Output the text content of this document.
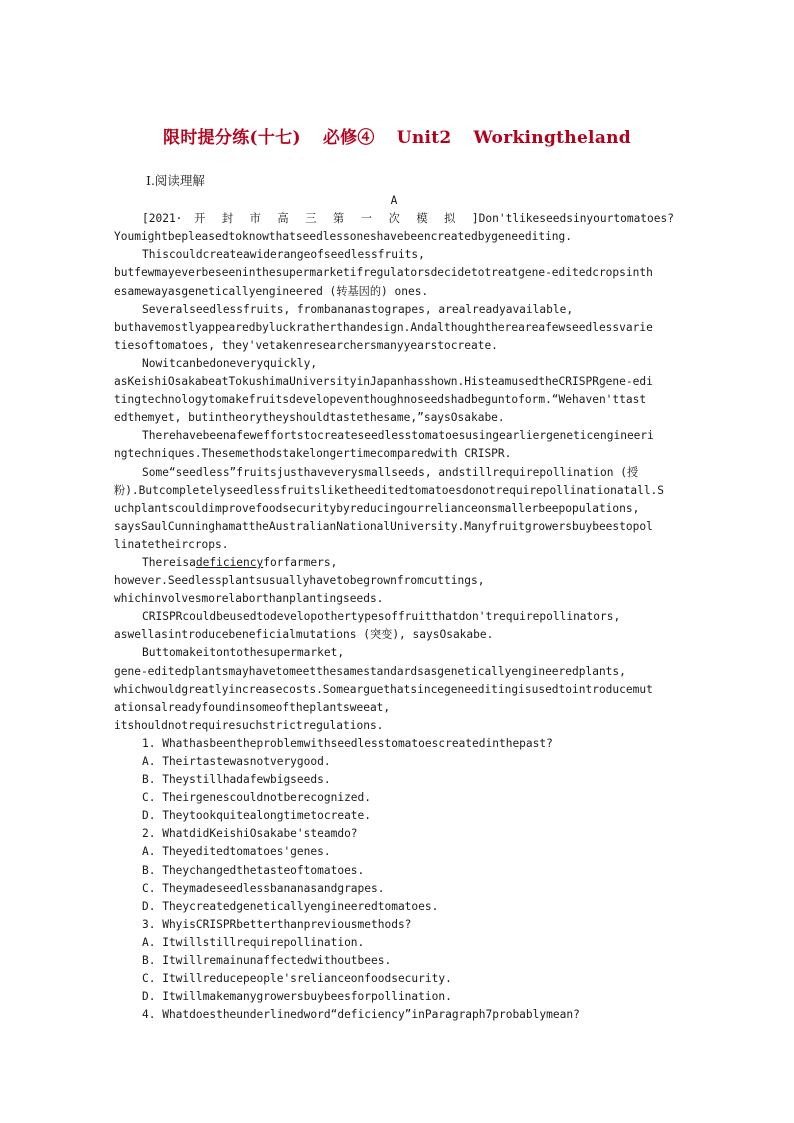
限时提分练(十七) 必修④ Unit2 Workingtheland
Ⅰ.阅读理解
A
[2021· 开 封 市 高 三 第 一 次 模 拟 ]Don'tlikeseedsinyourtomatoes?
Youmightbepleasedtoknowthatseedlessoneshavebeencreatedbygeneediting.
Thiscouldcreateawiderangeofseedlessfruits,
butfewmayeverbeseeninthesupermarketifregulatorsdecidetotreatgene-editedcropsinth
esamewayasgeneticallyengineered (转基因的) ones.
Severalseedlessfruits, frombananastograpes, arealreadyavailable,
buthavemostlyappearedbyluckratherthandesign.Andalthoughthereareafewseedlessvarie
tiesoftomatoes, they'vetakenresearchersmanyyearstocreate.
Nowitcanbedoneveryquickly,
asKeishiOsakabeatTokushimaUniversityinJapanhasshown.HisteamusedtheCRISPRgene-edi
tingtechnologytomakefruitsdevelopeventhoughnoseedshadbeguntoform.“Wehaven'ttast
edthemyet, butintheorytheyshouldtastethesame,”saysOsakabe.
Therehavebeenafeweffortstocreateseedlesstomatoesusingearliergeneticengineeri
ngtechniques.Thesemethodstakelongertimecomparedwith CRISPR.
Some“seedless”fruitsjusthaveverysmallseeds, andstillrequirepollination (授
粉).Butcompletelyseedlessfruitsliketheeditedtomatoesdonotrequirepollinationatall.S
uchplantscouldimprovefoodsecuritybyreducingourrelianceonsmallerbeepopulations,
saysSaulCunninghamattheAustralianNationalUniversity.Manyfruitgrowersbuybeestopol
linatetheircrops.
Thereisadeficiencyforfarmers,
however.Seedlessplantsusuallyhavetobegrownfromcuttings,
whichinvolvesmorelaborthanplantingseeds.
CRISPRcouldbeusedtodevelopothertypesoffruitthatdon'trequirepollinators,
aswellasintroducebeneficialmutations (突变), saysOsakabe.
Buttomakeitontothesupermarket,
gene-editedplantsmayhavetomeetthesamestandardsasgeneticallyengineeredplants,
whichwouldgreatlyincreasecosts.Somearguethatsincegeneeditingisusedtointroducemut
ationsalreadyfoundinsomeoftheplantsweeat,
itshouldnotrequiresuchstrictregulations.
1. Whathasbeentheproblemwithseedlesstomatoescreatedinthepast?
A. Theirtastewasnotverygood.
B. Theystillhadafewbigseeds.
C. Theirgenescouldnotberecognized.
D. Theytookquitealongtimetocreate.
2. WhatdidKeishiOsakabe'steamdo?
A. Theyeditedtomatoes'genes.
B. Theychangedthetasteoftomatoes.
C. Theymadeseedlessbananasandgrapes.
D. Theycreatedgeneticallyengineeredtomatoes.
3. WhyisCRISPRbetterthanpreviousmethods?
A. Itwillstillrequirepollination.
B. Itwillremainunaffectedwithoutbees.
C. Itwillreducepeople'srelianceonfoodsecurity.
D. Itwillmakemanygrowersbuybeesforpollination.
4. Whatdoestheunderlinedword“deficiency”inParagraph7probablymean?
